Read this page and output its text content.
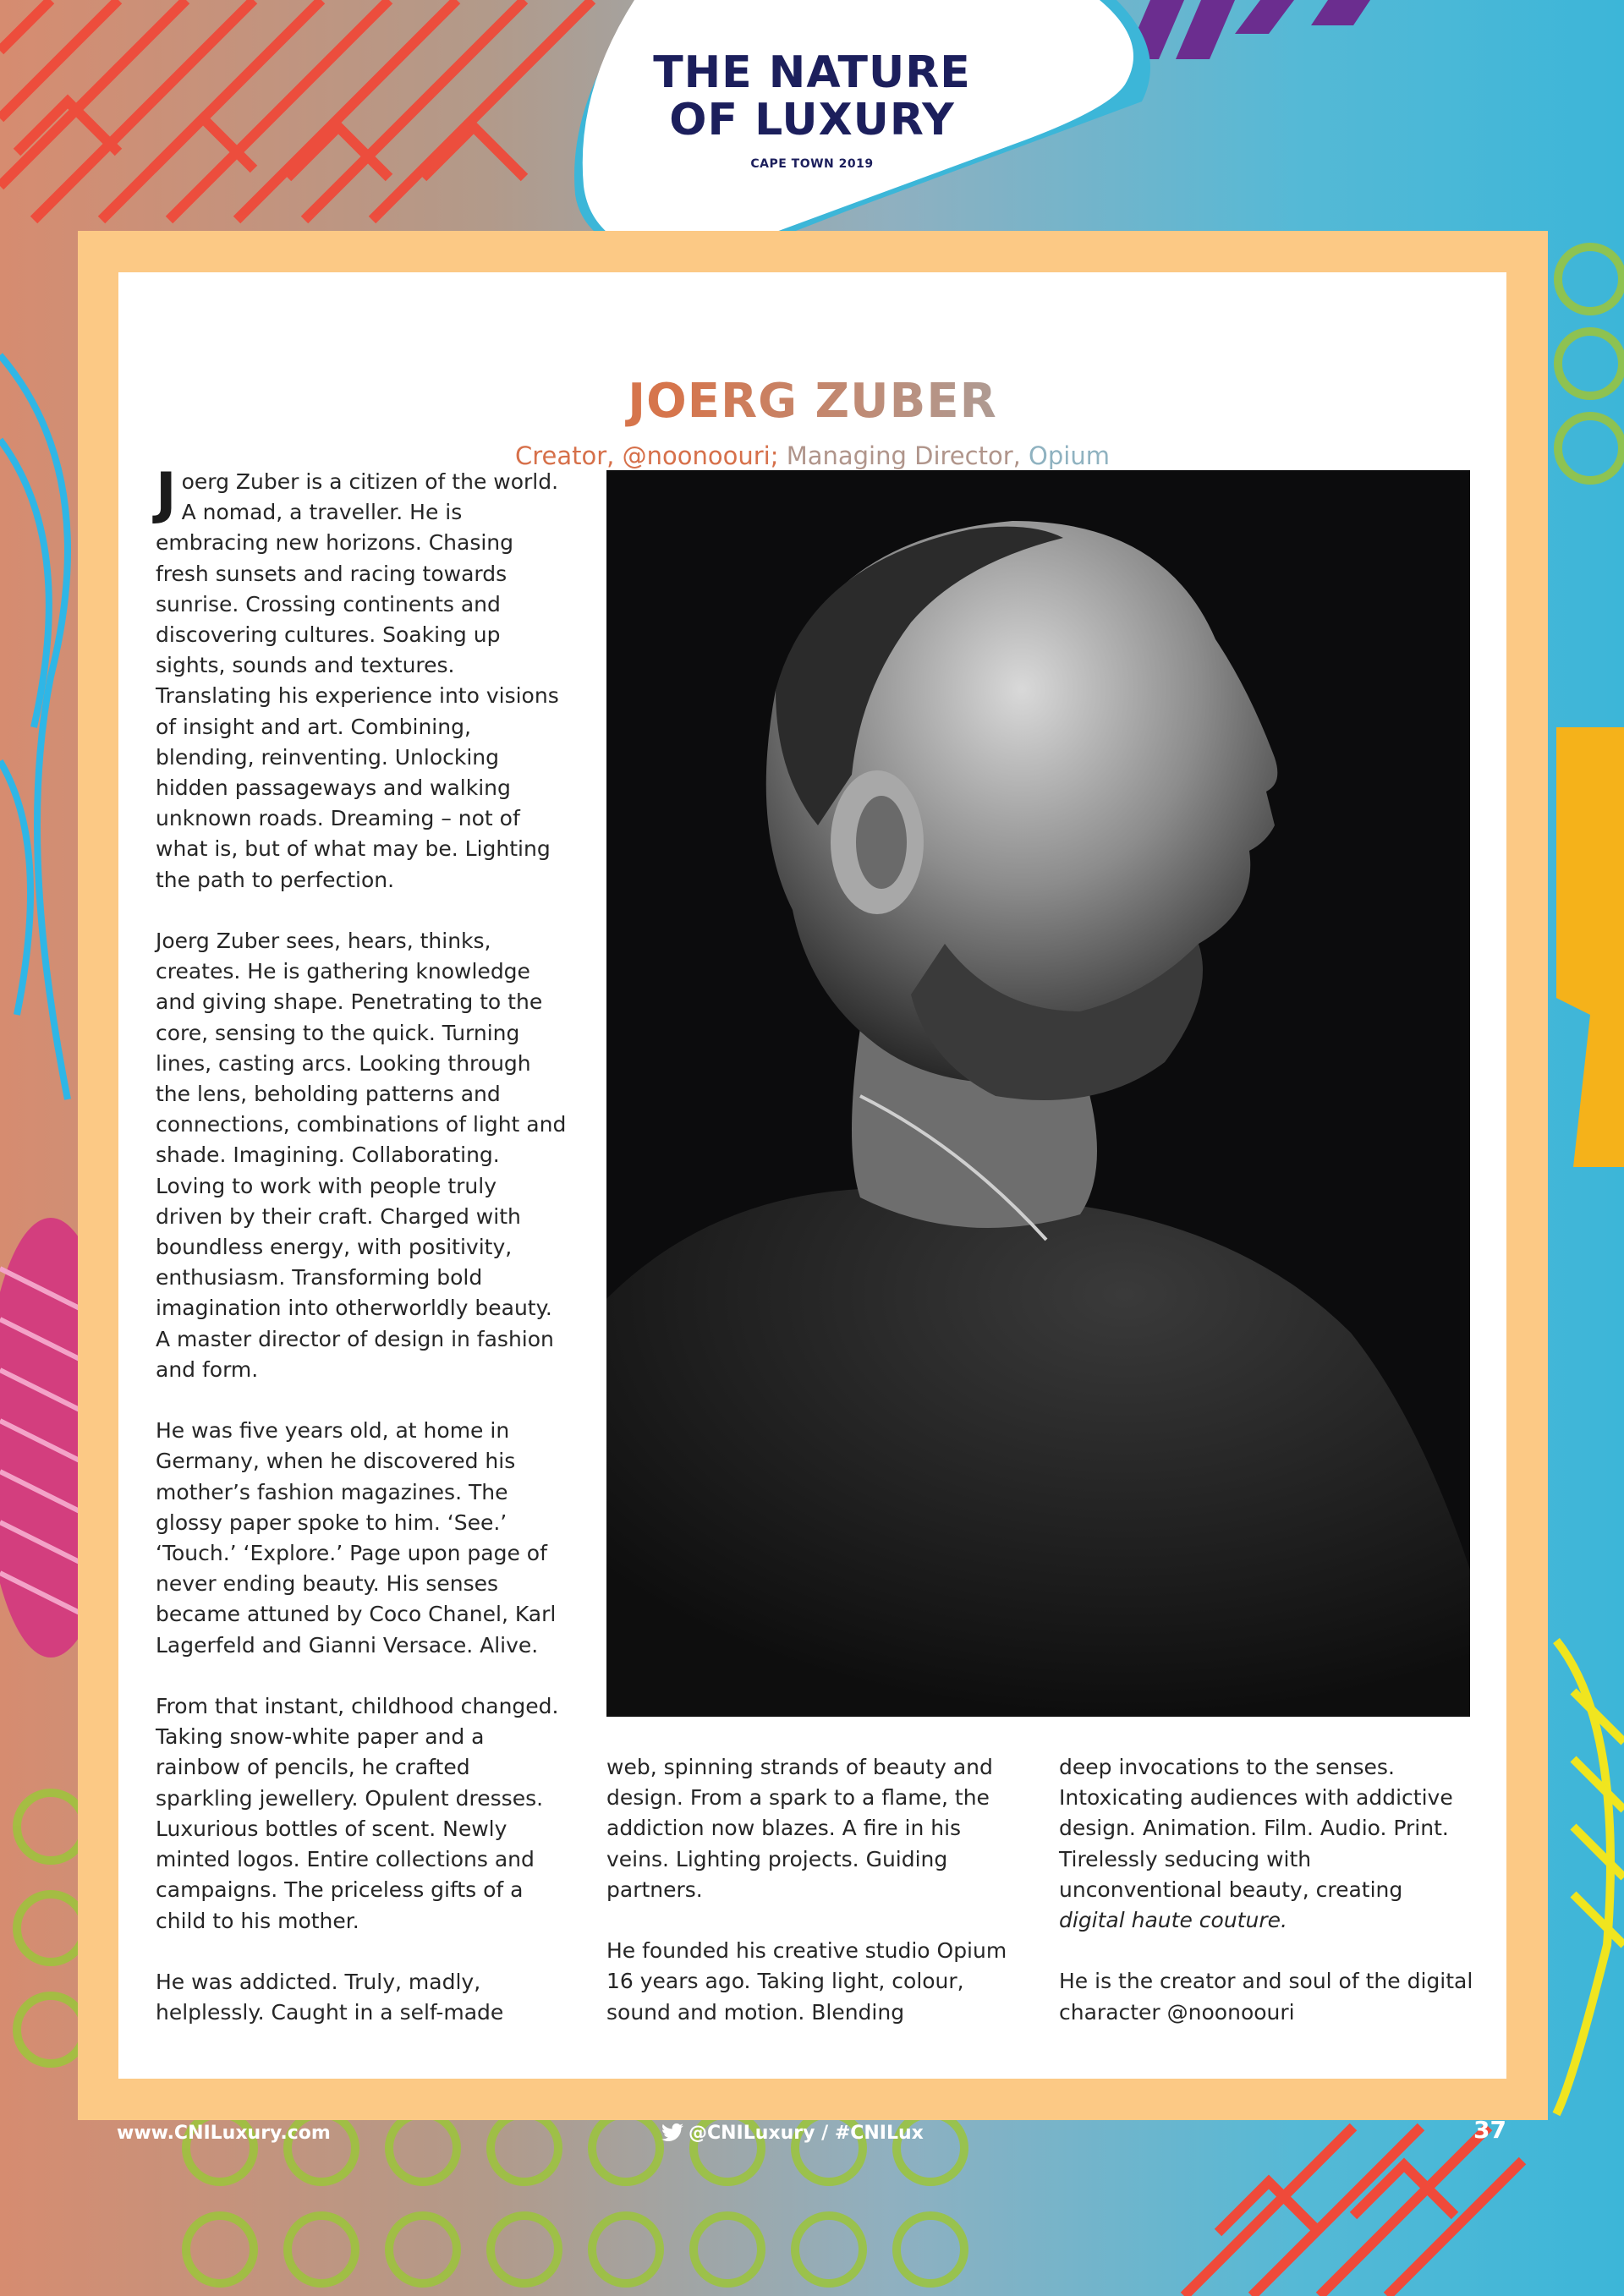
THE NATURE
OF LUXURY
CAPE TOWN 2019
JOERG ZUBER
Creator, @noonoouri; Managing Director, Opium

Joerg Zuber is a citizen of the world. A nomad, a traveller. He is embracing new horizons. Chasing fresh sunsets and racing towards sunrise. Crossing continents and discovering cultures. Soaking up sights, sounds and textures. Translating his experience into visions of insight and art. Combining, blending, reinventing. Unlocking hidden passageways and walking unknown roads. Dreaming – not of what is, but of what may be. Lighting the path to perfection.

Joerg Zuber sees, hears, thinks, creates. He is gathering knowledge and giving shape. Penetrating to the core, sensing to the quick. Turning lines, casting arcs. Looking through the lens, beholding patterns and connections, combinations of light and shade. Imagining. Collaborating. Loving to work with people truly driven by their craft. Charged with boundless energy, with positivity, enthusiasm. Transforming bold imagination into otherworldly beauty. A master director of design in fashion and form.

He was five years old, at home in Germany, when he discovered his mother’s fashion magazines. The glossy paper spoke to him. ‘See.’ ‘Touch.’ ‘Explore.’ Page upon page of never ending beauty. His senses became attuned by Coco Chanel, Karl Lagerfeld and Gianni Versace. Alive.

From that instant, childhood changed. Taking snow-white paper and a rainbow of pencils, he crafted sparkling jewellery. Opulent dresses. Luxurious bottles of scent. Newly minted logos. Entire collections and campaigns. The priceless gifts of a child to his mother.

He was addicted. Truly, madly, helplessly. Caught in a self-made

web, spinning strands of beauty and design. From a spark to a flame, the addiction now blazes. A fire in his veins. Lighting projects. Guiding partners.

He founded his creative studio Opium 16 years ago. Taking light, colour, sound and motion. Blending

deep invocations to the senses. Intoxicating audiences with addictive design. Animation. Film. Audio. Print. Tirelessly seducing with unconventional beauty, creating digital haute couture.

He is the creator and soul of the digital character @noonoouri

www.CNILuxury.com	@CNILuxury / #CNILux	37
